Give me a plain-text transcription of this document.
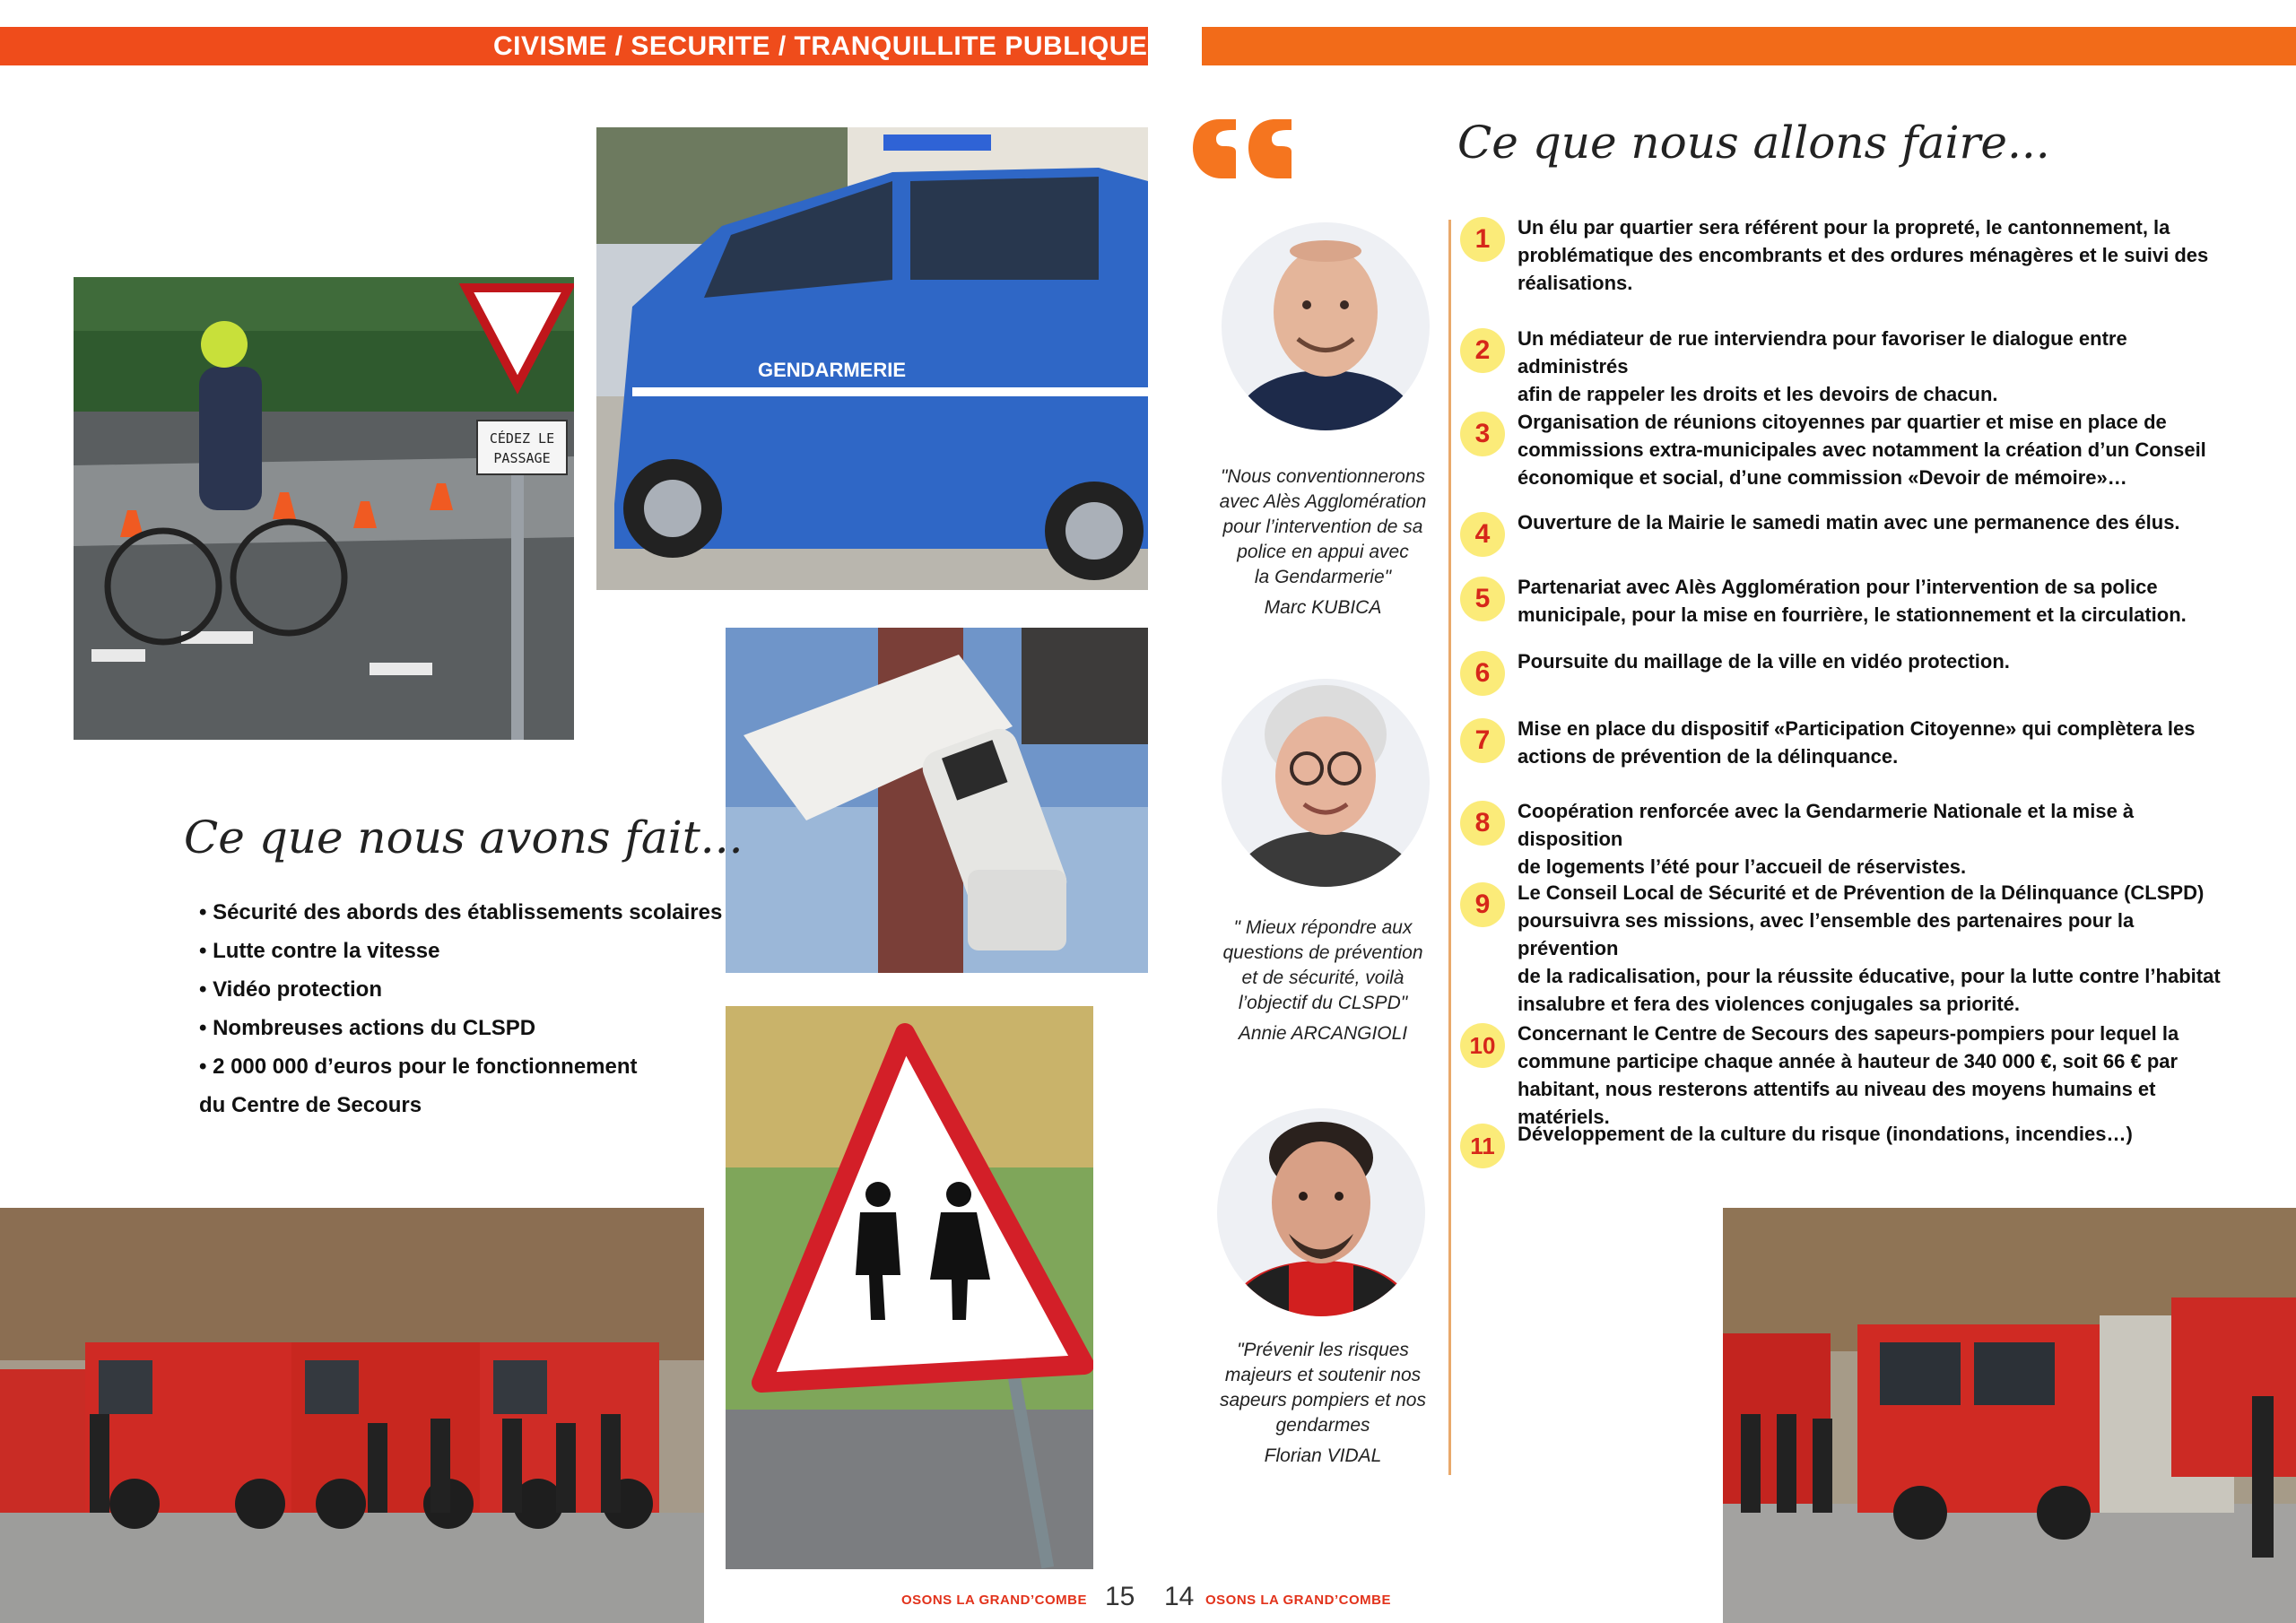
CIVISME / SECURITE / TRANQUILLITE PUBLIQUE
CÉDEZ LE
PASSAGE
GENDARMERIE
Ce que nous avons fait...
• Sécurité des abords des établissements scolaires
• Lutte contre la vitesse
• Vidéo protection
• Nombreuses actions du CLSPD
• 2 000 000 d’euros pour le fonctionnement
du Centre de Secours
Ce que nous allons faire...
"Nous conventionnerons
avec Alès Agglomération
pour l’intervention de sa
police en appui avec
la Gendarmerie"
Marc KUBICA
" Mieux répondre aux
questions de prévention
et de sécurité, voilà
l’objectif du CLSPD"
Annie ARCANGIOLI
"Prévenir les risques
majeurs et soutenir nos
sapeurs pompiers et nos
gendarmes
Florian VIDAL
1	Un élu par quartier sera référent pour la propreté, le cantonnement, la
problématique des encombrants et des ordures ménagères et le suivi des
réalisations.
2	Un médiateur de rue interviendra pour favoriser le dialogue entre administrés
afin de rappeler les droits et les devoirs de chacun.
3	Organisation de réunions citoyennes par quartier et mise en place de
commissions extra-municipales avec notamment la création d’un Conseil
économique et social, d’une commission «Devoir de mémoire»…
4	Ouverture de la Mairie le samedi matin avec une permanence des élus.
5	Partenariat avec Alès Agglomération pour l’intervention de sa police
municipale, pour la mise en fourrière, le stationnement et la circulation.
6	Poursuite du maillage de la ville en vidéo protection.
7	Mise en place du dispositif «Participation Citoyenne» qui complètera les
actions de prévention de la délinquance.
8	Coopération renforcée avec la Gendarmerie Nationale et la mise à disposition
de logements l’été pour l’accueil de réservistes.
9	Le Conseil Local de Sécurité et de Prévention de la Délinquance (CLSPD)
poursuivra ses missions, avec l’ensemble des partenaires pour la prévention
de la radicalisation, pour la réussite éducative, pour la lutte contre l’habitat
insalubre et fera des violences conjugales sa priorité.
10	Concernant le Centre de Secours des sapeurs-pompiers pour lequel la
commune participe chaque année à hauteur de 340 000 €, soit 66 € par
habitant, nous resterons attentifs au niveau des moyens humains et matériels.
11	Développement de la culture du risque (inondations, incendies…)
OSONS LA GRAND’COMBE 15 14 OSONS LA GRAND’COMBE
